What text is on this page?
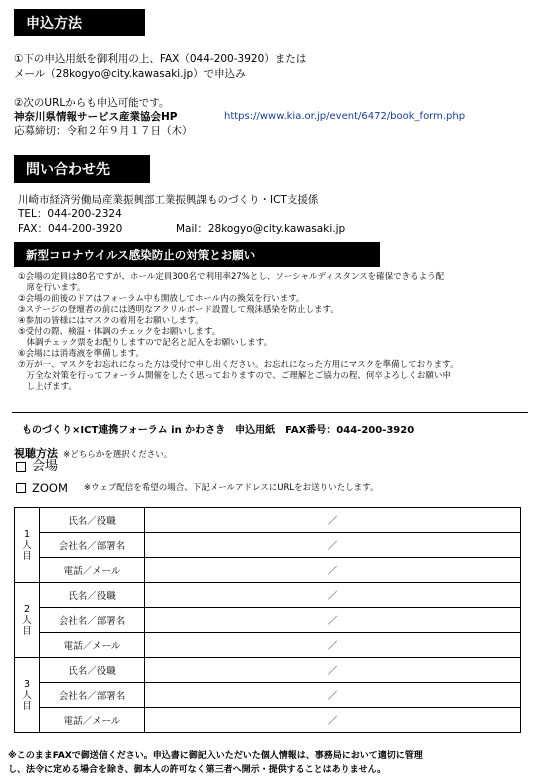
申込方法
①下の申込用紙を御利用の上、FAX（044-200-3920）または
メール（28kogyo@city.kawasaki.jp）で申込み
②次のURLからも申込可能です。
神奈川県情報サービス産業協会HP	https://www.kia.or.jp/event/6472/book_form.php
応募締切：令和２年９月１７日（木）
問い合わせ先
川崎市経済労働局産業振興部工業振興課ものづくり・ICT支援係
TEL：044-200-2324
FAX：044-200-3920	Mail：28kogyo@city.kawasaki.jp
新型コロナウイルス感染防止の対策とお願い
①会場の定員は80名ですが、ホール定員300名で利用率27%とし、ソーシャルディスタンスを確保できるよう配
　席を行います。
②会場の前後のドアはフォーラム中も開放してホール内の換気を行います。
③ステージの登壇者の前には透明なアクリルボード設置して飛沫感染を防止します。
④参加の皆様にはマスクの着用をお願いします。
⑤受付の際、検温・体調のチェックをお願いします。
　体調チェック票をお配りしますので記名と記入をお願いします。
⑥会場には消毒液を準備します。
⑦万が一、マスクをお忘れになった方は受付で申し出ください。お忘れになった方用にマスクを準備しております。
　万全な対策を行ってフォーラム開催をしたく思っておりますので、ご理解とご協力の程、何卒よろしくお願い申
　し上げます。
ものづくり×ICT連携フォーラム in かわさき　申込用紙　FAX番号：044-200-3920
視聴方法 ※どちらかを選択ください。
会場
ZOOM ※ウェブ配信を希望の場合、下記メールアドレスにURLをお送りいたします。
1人目	氏名／役職	／
	会社名／部署名	／
	電話／メール	／
2人目	氏名／役職	／
	会社名／部署名	／
	電話／メール	／
3人目	氏名／役職	／
	会社名／部署名	／
	電話／メール	／
※このままFAXで御送信ください。申込書に御記入いただいた個人情報は、事務局において適切に管理
し、法令に定める場合を除き、御本人の許可なく第三者へ開示・提供することはありません。
